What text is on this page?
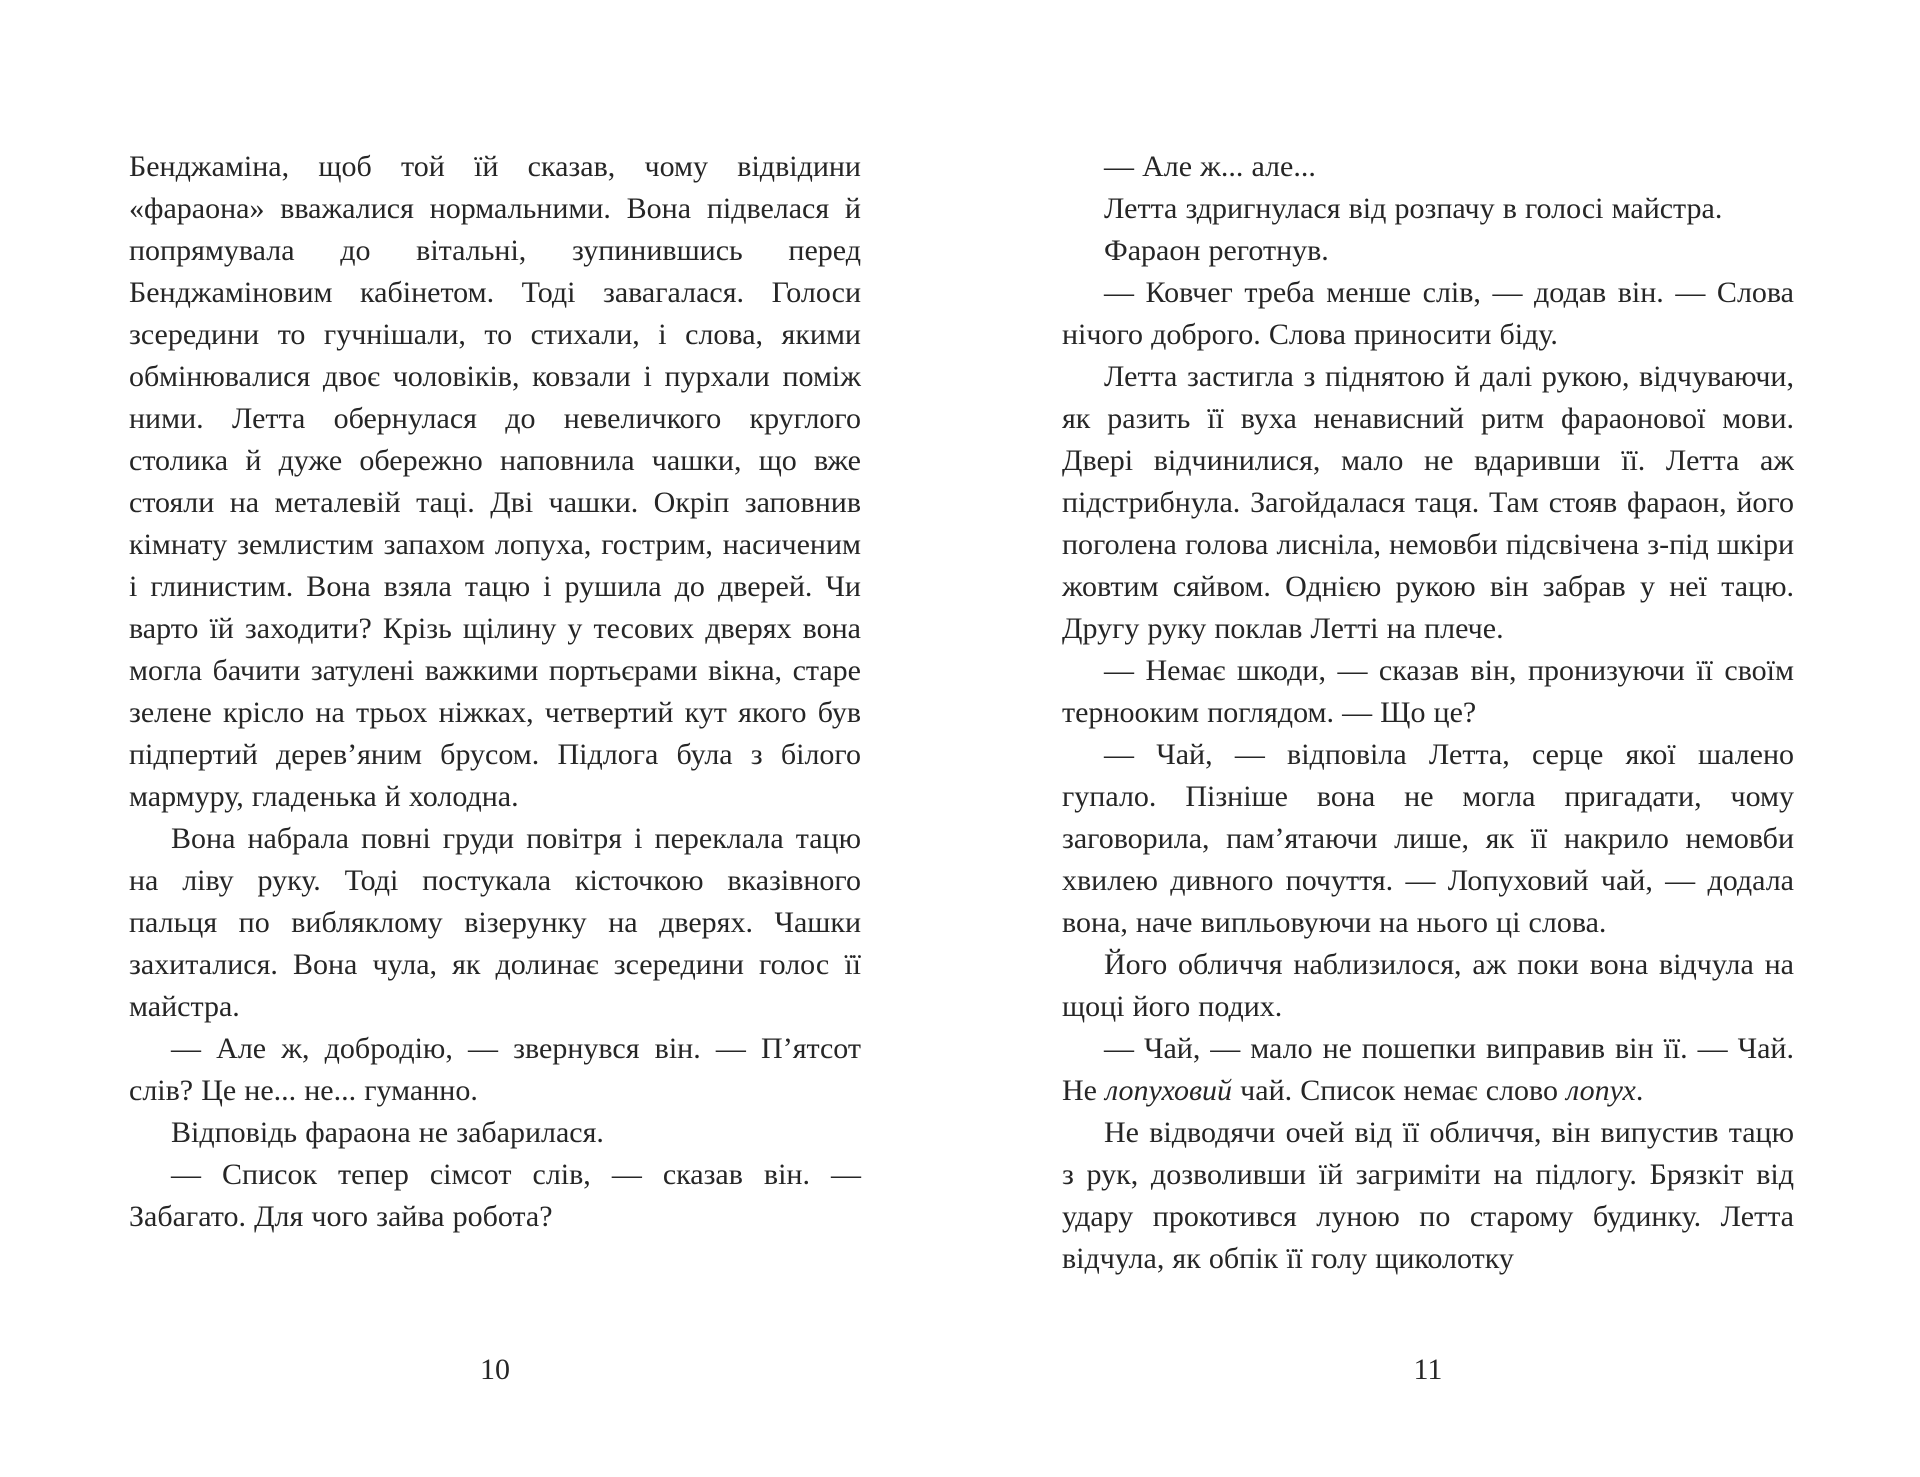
Бенджаміна, щоб той їй сказав, чому відвідини «фараона» вважалися нормальними. Вона підвелася й попрямувала до вітальні, зупинившись перед Бенджаміновим кабінетом. Тоді завагалася. Голоси зсередини то гучнішали, то стихали, і слова, якими обмінювалися двоє чоловіків, ковзали і пурхали поміж ними. Летта обернулася до невеличкого круглого столика й дуже обережно наповнила чашки, що вже стояли на металевій таці. Дві чашки. Окріп заповнив кімнату землистим запахом лопуха, гострим, насиченим і глинистим. Вона взяла тацю і рушила до дверей. Чи варто їй заходити? Крізь щілину у тесових дверях вона могла бачити затулені важкими портьєрами вікна, старе зелене крісло на трьох ніжках, четвертий кут якого був підпертий дерев’яним брусом. Підлога була з білого мармуру, гладенька й холодна.

Вона набрала повні груди повітря і переклала тацю на ліву руку. Тоді постукала кісточкою вказівного пальця по вибляклому візерунку на дверях. Чашки захиталися. Вона чула, як долинає зсередини голос її майстра.

— Але ж, добродію, — звернувся він. — П’ятсот слів? Це не... не... гуманно.

Відповідь фараона не забарилася.

— Список тепер сімсот слів, — сказав він. — Забагато. Для чого зайва робота?

10

— Але ж... але...

Летта здригнулася від розпачу в голосі майстра.

Фараон реготнув.

— Ковчег треба менше слів, — додав він. — Слова нічого доброго. Слова приносити біду.

Летта застигла з піднятою й далі рукою, відчуваючи, як разить її вуха ненависний ритм фараонової мови. Двері відчинилися, мало не вдаривши її. Летта аж підстрибнула. Загойдалася таця. Там стояв фараон, його поголена голова лисніла, немовби підсвічена з-під шкіри жовтим сяйвом. Однією рукою він забрав у неї тацю. Другу руку поклав Летті на плече.

— Немає шкоди, — сказав він, пронизуючи її своїм тернооким поглядом. — Що це?

— Чай, — відповіла Летта, серце якої шалено гупало. Пізніше вона не могла пригадати, чому заговорила, пам’ятаючи лише, як її накрило немовби хвилею дивного почуття. — Лопуховий чай, — додала вона, наче випльовуючи на нього ці слова.

Його обличчя наблизилося, аж поки вона відчула на щоці його подих.

— Чай, — мало не пошепки виправив він її. — Чай. Не лопуховий чай. Список немає слово лопух.

Не відводячи очей від її обличчя, він випустив тацю з рук, дозволивши їй загриміти на підлогу. Брязкіт від удару прокотився луною по старому будинку. Летта відчула, як обпік її голу щиколотку

11
